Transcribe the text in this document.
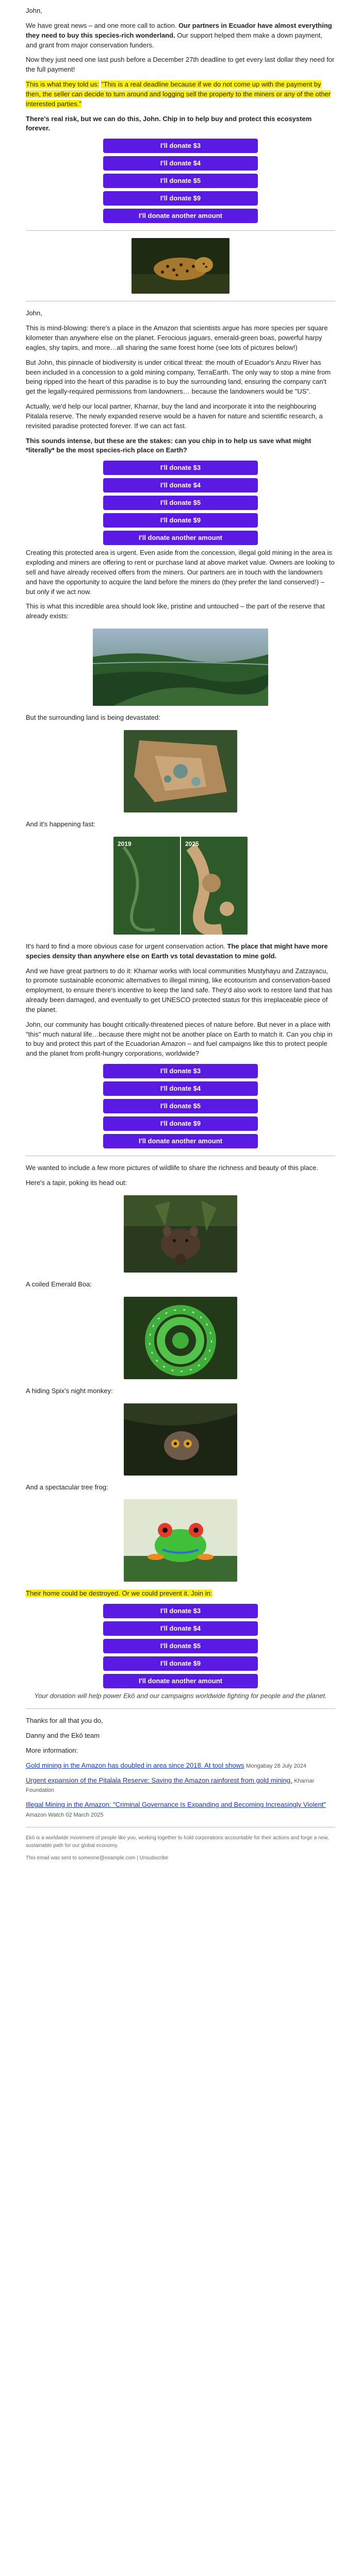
John,

We have great news – and one more call to action. Our partners in Ecuador have almost everything they need to buy this species-rich wonderland. Our support helped them make a down payment, and grant from major conservation funders.

Now they just need one last push before a December 27th deadline to get every last dollar they need for the full payment!

This is what they told us: "This is a real deadline because if we do not come up with the payment by then, the seller can decide to turn around and logging sell the property to the miners or any of the other interested parties."

There's real risk, but we can do this, John. Chip in to help buy and protect this ecosystem forever.

I'll donate $3
I'll donate $4
I'll donate $5
I'll donate $9
I'll donate another amount

John,

This is mind-blowing: there's a place in the Amazon that scientists argue has more species per square kilometer than anywhere else on the planet. Ferocious jaguars, emerald-green boas, powerful harpy eagles, shy tapirs, and more…all sharing the same forest home (see lots of pictures below!)

But John, this pinnacle of biodiversity is under critical threat: the mouth of Ecuador's Anzu River has been included in a concession to a gold mining company, TerraEarth. The only way to stop a mine from being ripped into the heart of this paradise is to buy the surrounding land, ensuring the company can't get the legally-required permissions from landowners… because the landowners would be "US".

Actually, we'd help our local partner, Kharnar, buy the land and incorporate it into the neighbouring Pitalala reserve. The newly expanded reserve would be a haven for nature and scientific research, a revisited paradise protected forever. If we can act fast.

This sounds intense, but these are the stakes: can you chip in to help us save what might *literally* be the most species-rich place on Earth?

I'll donate $3
I'll donate $4
I'll donate $5
I'll donate $9
I'll donate another amount

Creating this protected area is urgent. Even aside from the concession, illegal gold mining in the area is exploding and miners are offering to rent or purchase land at above market value. Owners are looking to sell and have already received offers from the miners. Our partners are in touch with the landowners and have the opportunity to acquire the land before the miners do (they prefer the land conserved!) – but only if we act now.

This is what this incredible area should look like, pristine and untouched – the part of the reserve that already exists:

But the surrounding land is being devastated:

And it's happening fast:

2019	2025

It's hard to find a more obvious case for urgent conservation action. The place that might have more species density than anywhere else on Earth vs total devastation to mine gold.

And we have great partners to do it: Kharnar works with local communities Mustyhayu and Zatzayacu, to promote sustainable economic alternatives to illegal mining, like ecotourism and conservation-based employment, to ensure there's incentive to keep the land safe. They'd also work to restore land that has already been damaged, and eventually to get UNESCO protected status for this irreplaceable piece of the planet.

John, our community has bought critically-threatened pieces of nature before. But never in a place with "this" much natural life…because there might not be another place on Earth to match it. Can you chip in to buy and protect this part of the Ecuadorian Amazon – and fuel campaigns like this to protect people and the planet from profit-hungry corporations, worldwide?

I'll donate $3
I'll donate $4
I'll donate $5
I'll donate $9
I'll donate another amount

We wanted to include a few more pictures of wildlife to share the richness and beauty of this place.

Here's a tapir, poking its head out:

A coiled Emerald Boa:

A hiding Spix's night monkey:

And a spectacular tree frog:

Their home could be destroyed. Or we could prevent it. Join in:

I'll donate $3
I'll donate $4
I'll donate $5
I'll donate $9
I'll donate another amount

Your donation will help power Ekō and our campaigns worldwide fighting for people and the planet.

Thanks for all that you do,

Danny and the Ekō team

More information:

Gold mining in the Amazon has doubled in area since 2018. At tool shows Mongabay 28 July 2024

Urgent expansion of the Pitalala Reserve: Saving the Amazon rainforest from gold mining. Kharnar Foundation

Illegal Mining in the Amazon: "Criminal Governance Is Expanding and Becoming Increasingly Violent" Amazon Watch 02 March 2025

Ekō is a worldwide movement of people like you, working together to hold corporations accountable for their actions and forge a new, sustainable path for our global economy.

This email was sent to someone@example.com | Unsubscribe
